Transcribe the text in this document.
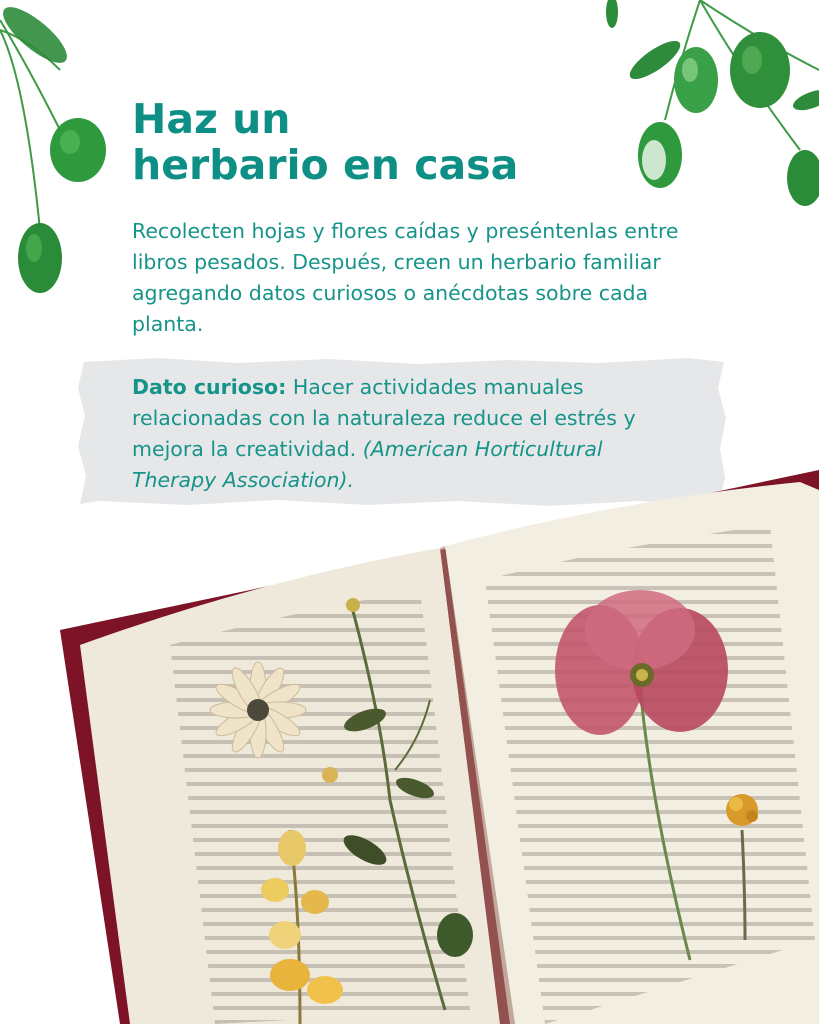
Haz un
herbario en casa

Recolecten hojas y flores caídas y preséntenlas entre libros pesados. Después, creen un herbario familiar agregando datos curiosos o anécdotas sobre cada planta.

Dato curioso: Hacer actividades manuales relacionadas con la naturaleza reduce el estrés y mejora la creatividad. (American Horticultural Therapy Association).
